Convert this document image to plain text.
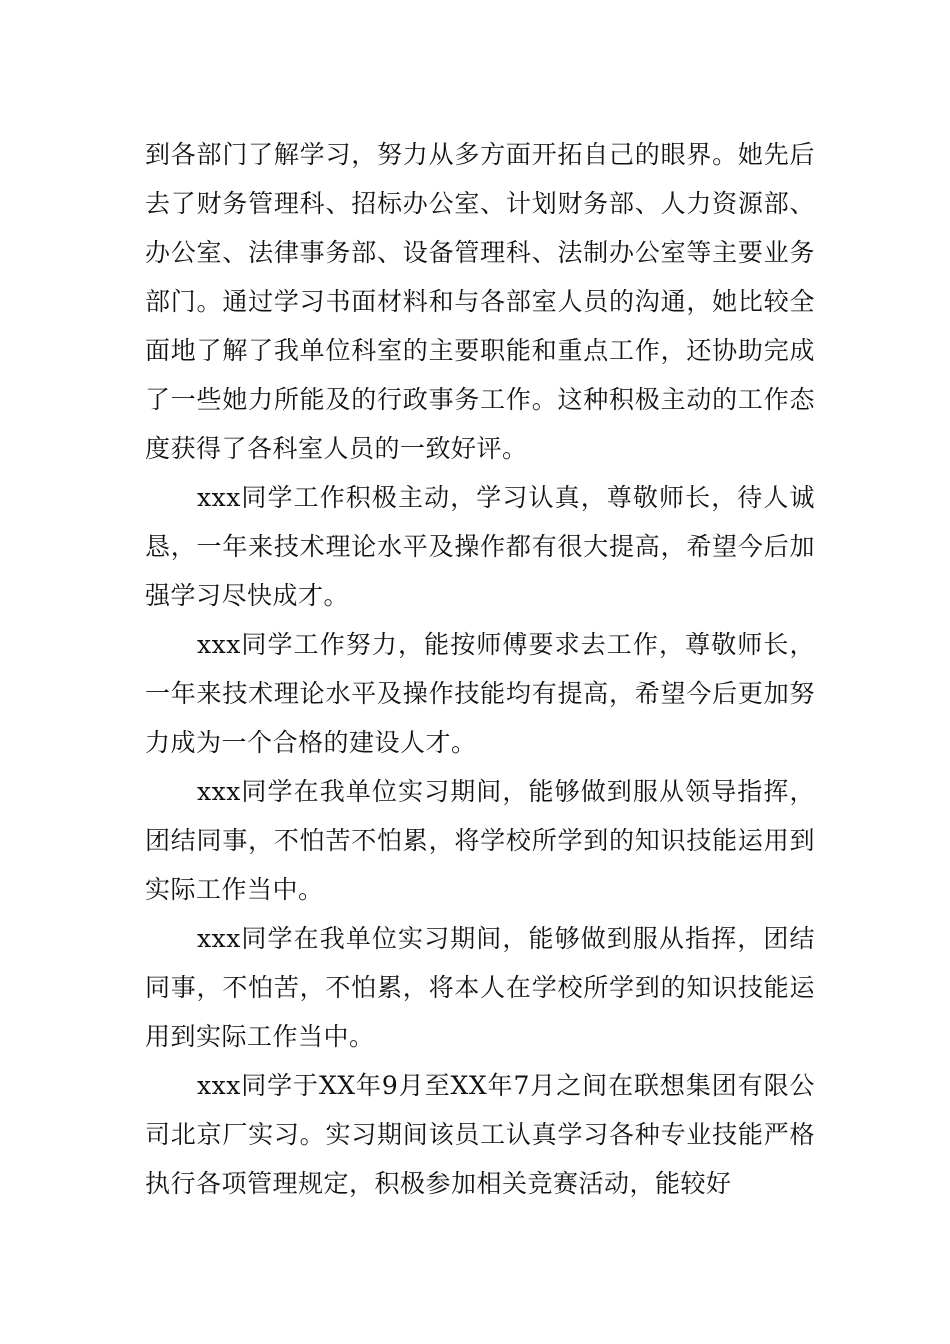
到各部门了解学习，努力从多方面开拓自己的眼界。她先后去了财务管理科、招标办公室、计划财务部、人力资源部、办公室、法律事务部、设备管理科、法制办公室等主要业务部门。通过学习书面材料和与各部室人员的沟通，她比较全面地了解了我单位科室的主要职能和重点工作，还协助完成了一些她力所能及的行政事务工作。这种积极主动的工作态度获得了各科室人员的一致好评。

xxx同学工作积极主动，学习认真，尊敬师长，待人诚恳，一年来技术理论水平及操作都有很大提高，希望今后加强学习尽快成才。

xxx同学工作努力，能按师傅要求去工作，尊敬师长，一年来技术理论水平及操作技能均有提高，希望今后更加努力成为一个合格的建设人才。

xxx同学在我单位实习期间，能够做到服从领导指挥，团结同事，不怕苦不怕累，将学校所学到的知识技能运用到实际工作当中。

xxx同学在我单位实习期间，能够做到服从指挥，团结同事，不怕苦，不怕累，将本人在学校所学到的知识技能运用到实际工作当中。

xxx同学于XX年9月至XX年7月之间在联想集团有限公司北京厂实习。实习期间该员工认真学习各种专业技能严格执行各项管理规定，积极参加相关竞赛活动，能较好
